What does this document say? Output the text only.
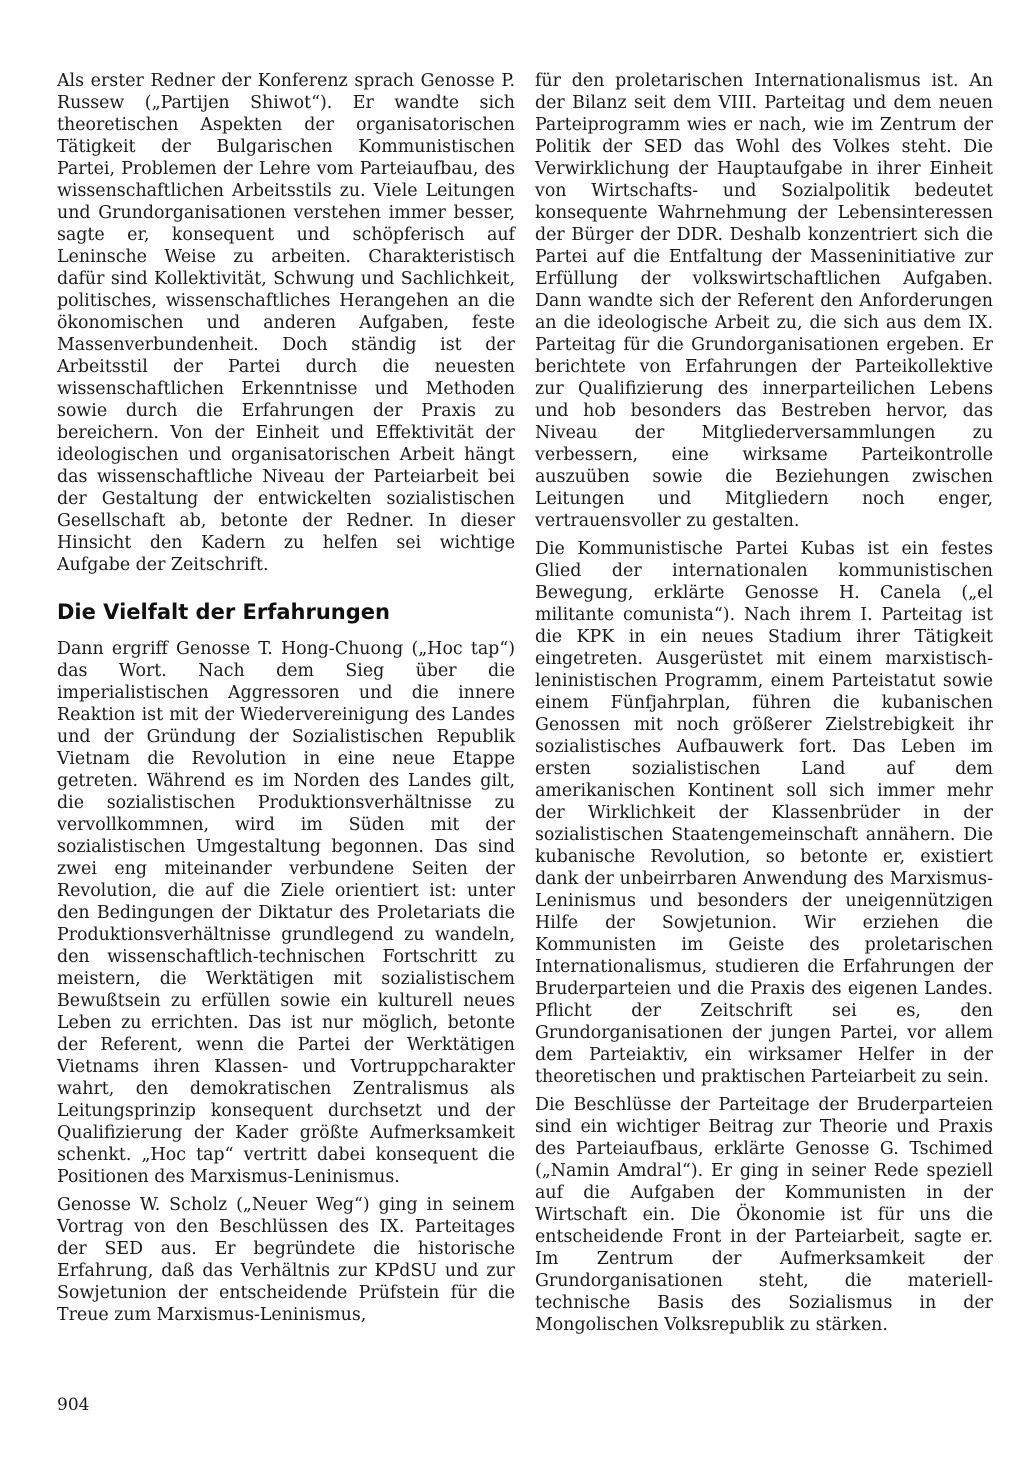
Als erster Redner der Konferenz sprach Genosse P. Russew („Partijen Shiwot“). Er wandte sich theoretischen Aspekten der organisatorischen Tätigkeit der Bulgarischen Kommunistischen Partei, Problemen der Lehre vom Parteiaufbau, des wissenschaftlichen Arbeitsstils zu. Viele Leitungen und Grundorganisationen verstehen immer besser, sagte er, konsequent und schöpferisch auf Leninsche Weise zu arbeiten. Charakteristisch dafür sind Kollektivität, Schwung und Sachlichkeit, politisches, wissenschaftliches Herangehen an die ökonomischen und anderen Aufgaben, feste Massenverbundenheit. Doch ständig ist der Arbeitsstil der Partei durch die neuesten wissenschaftlichen Erkenntnisse und Methoden sowie durch die Erfahrungen der Praxis zu bereichern. Von der Einheit und Effektivität der ideologischen und organisatorischen Arbeit hängt das wissenschaftliche Niveau der Parteiarbeit bei der Gestaltung der entwickelten sozialistischen Gesellschaft ab, betonte der Redner. In dieser Hinsicht den Kadern zu helfen sei wichtige Aufgabe der Zeitschrift.

Die Vielfalt der Erfahrungen

Dann ergriff Genosse T. Hong-Chuong („Hoc tap“) das Wort. Nach dem Sieg über die imperialistischen Aggressoren und die innere Reaktion ist mit der Wiedervereinigung des Landes und der Gründung der Sozialistischen Republik Vietnam die Revolution in eine neue Etappe getreten. Während es im Norden des Landes gilt, die sozialistischen Produktionsverhältnisse zu vervollkommnen, wird im Süden mit der sozialistischen Umgestaltung begonnen. Das sind zwei eng miteinander verbundene Seiten der Revolution, die auf die Ziele orientiert ist: unter den Bedingungen der Diktatur des Proletariats die Produktionsverhältnisse grundlegend zu wandeln, den wissenschaftlich-technischen Fortschritt zu meistern, die Werktätigen mit sozialistischem Bewußtsein zu erfüllen sowie ein kulturell neues Leben zu errichten. Das ist nur möglich, betonte der Referent, wenn die Partei der Werktätigen Vietnams ihren Klassen- und Vortruppcharakter wahrt, den demokratischen Zentralismus als Leitungsprinzip konsequent durchsetzt und der Qualifizierung der Kader größte Aufmerksamkeit schenkt. „Hoc tap“ vertritt dabei konsequent die Positionen des Marxismus-Leninismus.

Genosse W. Scholz („Neuer Weg“) ging in seinem Vortrag von den Beschlüssen des IX. Parteitages der SED aus. Er begründete die historische Erfahrung, daß das Verhältnis zur KPdSU und zur Sowjetunion der entscheidende Prüfstein für die Treue zum Marxismus-Leninismus,

für den proletarischen Internationalismus ist. An der Bilanz seit dem VIII. Parteitag und dem neuen Parteiprogramm wies er nach, wie im Zentrum der Politik der SED das Wohl des Volkes steht. Die Verwirklichung der Hauptaufgabe in ihrer Einheit von Wirtschafts- und Sozialpolitik bedeutet konsequente Wahrnehmung der Lebensinteressen der Bürger der DDR. Deshalb konzentriert sich die Partei auf die Entfaltung der Masseninitiative zur Erfüllung der volkswirtschaftlichen Aufgaben. Dann wandte sich der Referent den Anforderungen an die ideologische Arbeit zu, die sich aus dem IX. Parteitag für die Grundorganisationen ergeben. Er berichtete von Erfahrungen der Parteikollektive zur Qualifizierung des innerparteilichen Lebens und hob besonders das Bestreben hervor, das Niveau der Mitgliederversammlungen zu verbessern, eine wirksame Parteikontrolle auszuüben sowie die Beziehungen zwischen Leitungen und Mitgliedern noch enger, vertrauensvoller zu gestalten.

Die Kommunistische Partei Kubas ist ein festes Glied der internationalen kommunistischen Bewegung, erklärte Genosse H. Canela („el militante comunista“). Nach ihrem I. Parteitag ist die KPK in ein neues Stadium ihrer Tätigkeit eingetreten. Ausgerüstet mit einem marxistisch-leninistischen Programm, einem Parteistatut sowie einem Fünfjahrplan, führen die kubanischen Genossen mit noch größerer Zielstrebigkeit ihr sozialistisches Aufbauwerk fort. Das Leben im ersten sozialistischen Land auf dem amerikanischen Kontinent soll sich immer mehr der Wirklichkeit der Klassenbrüder in der sozialistischen Staatengemeinschaft annähern. Die kubanische Revolution, so betonte er, existiert dank der unbeirrbaren Anwendung des Marxismus-Leninismus und besonders der uneigennützigen Hilfe der Sowjetunion. Wir erziehen die Kommunisten im Geiste des proletarischen Internationalismus, studieren die Erfahrungen der Bruderparteien und die Praxis des eigenen Landes. Pflicht der Zeitschrift sei es, den Grundorganisationen der jungen Partei, vor allem dem Parteiaktiv, ein wirksamer Helfer in der theoretischen und praktischen Parteiarbeit zu sein.

Die Beschlüsse der Parteitage der Bruderparteien sind ein wichtiger Beitrag zur Theorie und Praxis des Parteiaufbaus, erklärte Genosse G. Tschimed („Namin Amdral“). Er ging in seiner Rede speziell auf die Aufgaben der Kommunisten in der Wirtschaft ein. Die Ökonomie ist für uns die entscheidende Front in der Parteiarbeit, sagte er. Im Zentrum der Aufmerksamkeit der Grundorganisationen steht, die materiell-technische Basis des Sozialismus in der Mongolischen Volksrepublik zu stärken.

904
